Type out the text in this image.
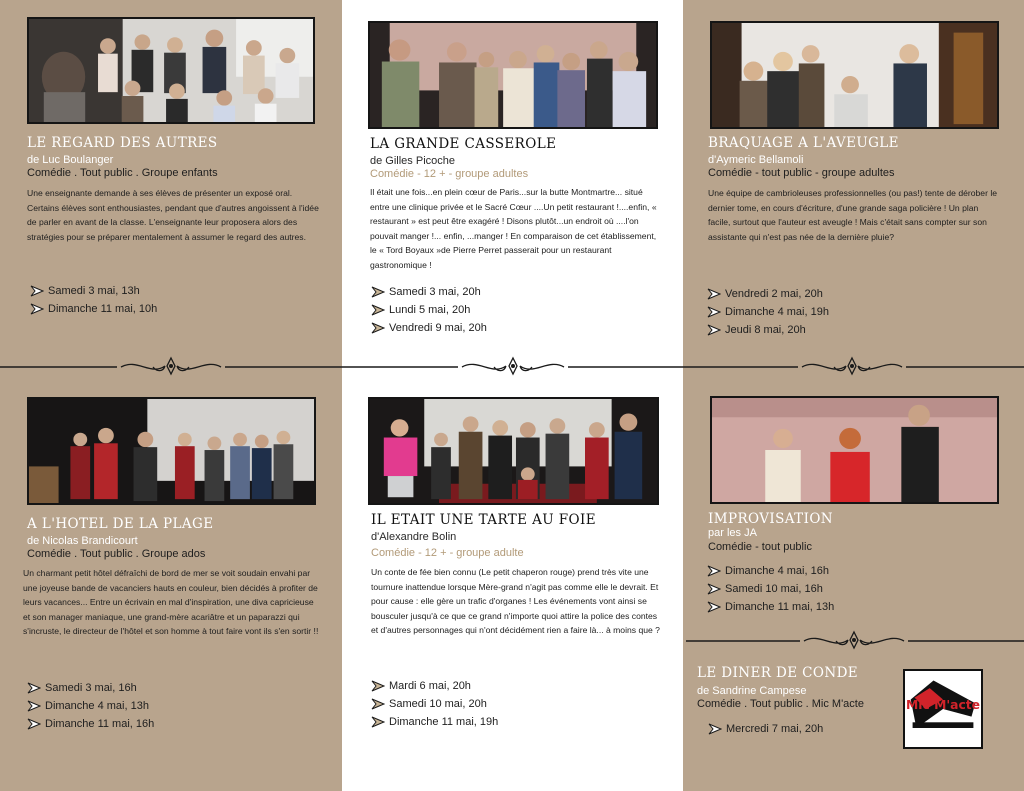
LE REGARD DES AUTRES
de Luc Boulanger
Comédie . Tout public . Groupe enfants
Une enseignante demande à ses élèves de présenter un exposé oral. Certains élèves sont enthousiastes, pendant que d'autres angoissent à l'idée de parler en avant de la classe. L'enseignante leur proposera alors des stratégies pour se préparer mentalement à assumer le regard des autres.
Samedi 3 mai, 13h
Dimanche 11 mai, 10h
LA GRANDE CASSEROLE
de Gilles Picoche
Comédie - 12 + - groupe adultes
Il était une fois...en plein cœur de Paris...sur la butte Montmartre... situé entre une clinique privée et le Sacré Cœur ....Un petit restaurant !....enfin, « restaurant » est peut être exagéré ! Disons plutôt...un endroit où ....l'on pouvait manger !... enfin, ...manger ! En comparaison de cet établissement, le « Tord Boyaux »de Pierre Perret passerait pour un restaurant gastronomique !
Samedi 3 mai, 20h
Lundi 5 mai, 20h
Vendredi 9 mai, 20h
BRAQUAGE A L'AVEUGLE
d'Aymeric Bellamoli
Comédie - tout public - groupe adultes
Une équipe de cambrioleuses professionnelles (ou pas!) tente de dérober le dernier tome, en cours d'écriture, d'une grande saga policière ! Un plan facile, surtout que l'auteur est aveugle ! Mais c'était sans compter sur son assistante qui n'est pas née de la dernière pluie?
Vendredi 2 mai, 20h
Dimanche 4 mai, 19h
Jeudi 8 mai, 20h
A L'HOTEL DE LA PLAGE
de Nicolas Brandicourt
Comédie . Tout public . Groupe ados
Un charmant petit hôtel défraîchi de bord de mer se voit soudain envahi par une joyeuse bande de vacanciers hauts en couleur, bien décidés à profiter de leurs vacances... Entre un écrivain en mal d'inspiration, une diva capricieuse et son manager maniaque, une grand-mère acariâtre et un paparazzi qui s'incruste, le directeur de l'hôtel et son homme à tout faire vont ils s'en sortir !!
Samedi 3 mai, 16h
Dimanche 4 mai, 13h
Dimanche 11 mai, 16h
IL ETAIT UNE TARTE AU FOIE
d'Alexandre Bolin
Comédie - 12 + - groupe adulte
Un conte de fée bien connu (Le petit chaperon rouge) prend très vite une tournure inattendue lorsque Mère-grand n'agit pas comme elle le devrait. Et pour cause : elle gère un trafic d'organes ! Les événements vont ainsi se bousculer jusqu'à ce que ce grand n'importe quoi attire la police des contes et d'autres personnages qui n'ont décidément rien a faire là... à moins que ?
Mardi 6 mai, 20h
Samedi 10 mai, 20h
Dimanche 11 mai, 19h
IMPROVISATION
par les JA
Comédie - tout public
Dimanche 4 mai, 16h
Samedi 10 mai, 16h
Dimanche 11 mai, 13h
LE DINER DE CONDE
de Sandrine Campese
Comédie . Tout public . Mic M'acte
Mercredi 7 mai, 20h
Mic M'acte
